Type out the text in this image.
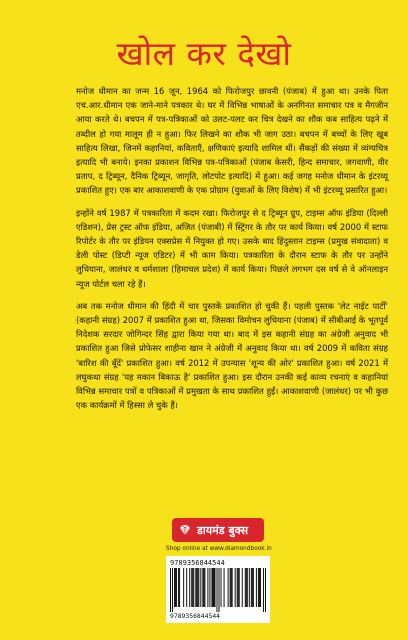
खोल कर देखो

मनोज धीमान का जन्म 16 जून, 1964 को फिरोजपुर छावनी (पंजाब) में हुआ था। उनके पिता एच.आर.धीमान एक जाने-माने पत्रकार थे। घर में विभिन्न भाषाओं के अनगिनत समाचार पत्र व मैगजीन आया करते थे। बचपन में पत्र-पत्रिकाओं को उलट-पलट कर चित्र देखने का शौक कब साहित्य पढ़ने में तब्दील हो गया मालूम ही न हुआ। फिर लिखने का शौक भी जाग उठा। बचपन में बच्चों के लिए खूब साहित्य लिखा, जिनमें कहानियां, कविताएँ, क्षणिकाएं इत्यादि शामिल थीं। सैंकड़ों की संख्या में व्यंग्यचित्र इत्यादि भी बनाये। इनका प्रकाशन विभिन्न पत्र-पत्रिकाओं (पंजाब केसरी, हिन्द समाचार, जगवाणी, वीर प्रताप, द ट्रिब्यून, दैनिक ट्रिब्यून, जागृति, लोटपोट इत्यादि) में हुआ। कई जगह मनोज धीमान के इंटरव्यू प्रकाशित हुए। एक बार आकाशवाणी के एक प्रोग्राम (युवाओं के लिए विशेष) में भी इंटरव्यू प्रसारित हुआ।

इन्होंने वर्ष 1987 में पत्रकारिता में कदम रखा। फिरोजपुर से द ट्रिब्यून ग्रुप, टाइम्स ऑफ इंडिया (दिल्ली एडिशन), प्रेस ट्रस्ट ऑफ इंडिया, अजित (पंजाबी) में स्ट्रिंगर के तौर पर कार्य किया। वर्ष 2000 में स्टाफ रिपोर्टर के तौर पर इंडियन एक्सप्रेस में नियुक्त हो गए। उसके बाद हिंदुस्तान टाइम्स (प्रमुख संवादाता) व डेली पोस्ट (डिप्टी न्यूज एडिटर) में भी काम किया। पत्रकारिता के दौरान स्टाफ के तौर पर उन्होंने लुधियाना, जालंधर व धर्मशाला (हिमाचल प्रदेश) में कार्य किया। पिछले लगभग दस वर्ष से वे ऑनलाइन न्यूज पोर्टल चला रहे हैं।

अब तक मनोज धीमान की हिंदी में चार पुस्तकें प्रकाशित हो चुकी हैं। पहली पुस्तक 'लेट नाईट पार्टी' (कहानी संग्रह) 2007 में प्रकाशित हुआ था, जिसका विमोचन लुधियाना (पंजाब) में सीबीआई के भूतपूर्व निदेशक सरदार जोगिन्दर सिंह द्वारा किया गया था। बाद में इस कहानी संग्रह का अंग्रेजी अनुवाद भी प्रकाशित हुआ जिसे प्रोफेसर शाहीना खान ने अंग्रेजी में अनुवाद किया था। वर्ष 2009 में कविता संग्रह 'बारिश की बूँदें' प्रकाशित हुआ। वर्ष 2012 में उपन्यास 'शून्य की ओर' प्रकाशित हुआ। वर्ष 2021 में लघुकथा संग्रह 'यह मकान बिकाऊ है' प्रकाशित हुआ। इस दौरान उनकी कई काव्य रचनाएं व कहानियां विभिन्न समाचार पत्रों व पत्रिकाओं में प्रमुखता के साथ प्रकाशित हुईं। आकाशवाणी (जालंधर) पर भी कुछ एक कार्यक्रमों में हिस्सा ले चुके हैं।

डायमंड बुक्स
Shop online at www.diamondbook.in
9789356844544
9789356844544
